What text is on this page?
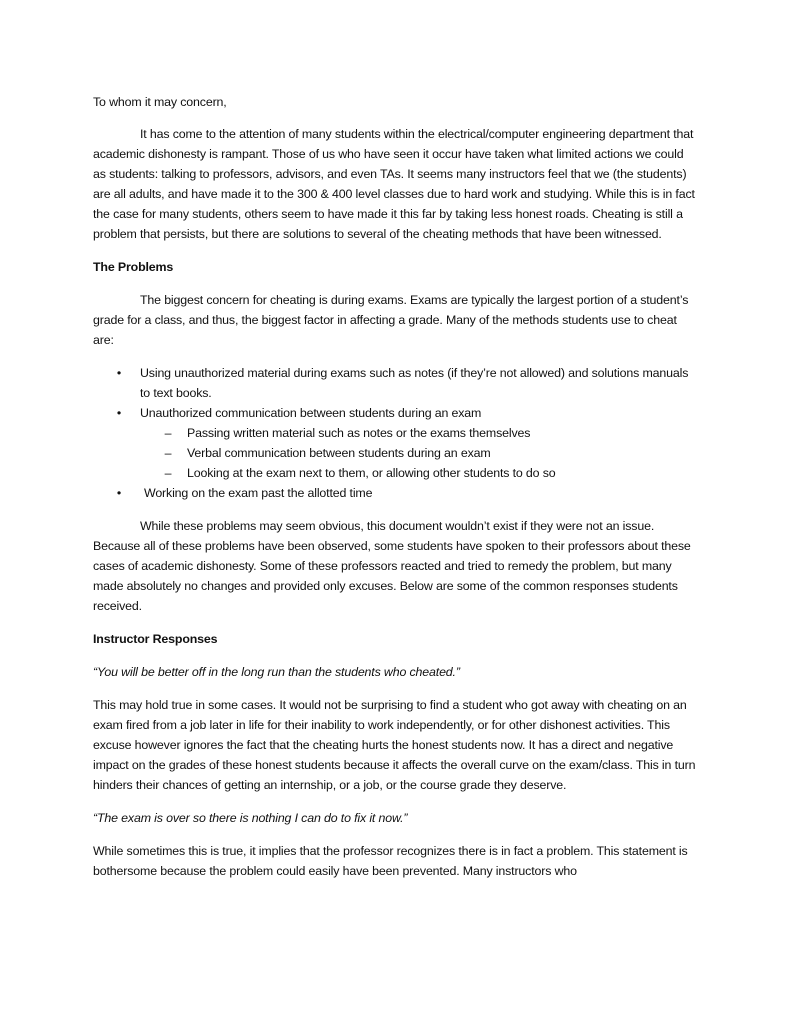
To whom it may concern,

It has come to the attention of many students within the electrical/computer engineering department that academic dishonesty is rampant. Those of us who have seen it occur have taken what limited actions we could as students: talking to professors, advisors, and even TAs. It seems many instructors feel that we (the students) are all adults, and have made it to the 300 & 400 level classes due to hard work and studying. While this is in fact the case for many students, others seem to have made it this far by taking less honest roads. Cheating is still a problem that persists, but there are solutions to several of the cheating methods that have been witnessed.

The Problems

The biggest concern for cheating is during exams. Exams are typically the largest portion of a student’s grade for a class, and thus, the biggest factor in affecting a grade. Many of the methods students use to cheat are:

• Using unauthorized material during exams such as notes (if they’re not allowed) and solutions manuals to text books.
• Unauthorized communication between students during an exam
– Passing written material such as notes or the exams themselves
– Verbal communication between students during an exam
– Looking at the exam next to them, or allowing other students to do so
• Working on the exam past the allotted time

While these problems may seem obvious, this document wouldn’t exist if they were not an issue. Because all of these problems have been observed, some students have spoken to their professors about these cases of academic dishonesty. Some of these professors reacted and tried to remedy the problem, but many made absolutely no changes and provided only excuses. Below are some of the common responses students received.

Instructor Responses

“You will be better off in the long run than the students who cheated.”

This may hold true in some cases. It would not be surprising to find a student who got away with cheating on an exam fired from a job later in life for their inability to work independently, or for other dishonest activities. This excuse however ignores the fact that the cheating hurts the honest students now. It has a direct and negative impact on the grades of these honest students because it affects the overall curve on the exam/class. This in turn hinders their chances of getting an internship, or a job, or the course grade they deserve.

“The exam is over so there is nothing I can do to fix it now.”

While sometimes this is true, it implies that the professor recognizes there is in fact a problem. This statement is bothersome because the problem could easily have been prevented. Many instructors who
